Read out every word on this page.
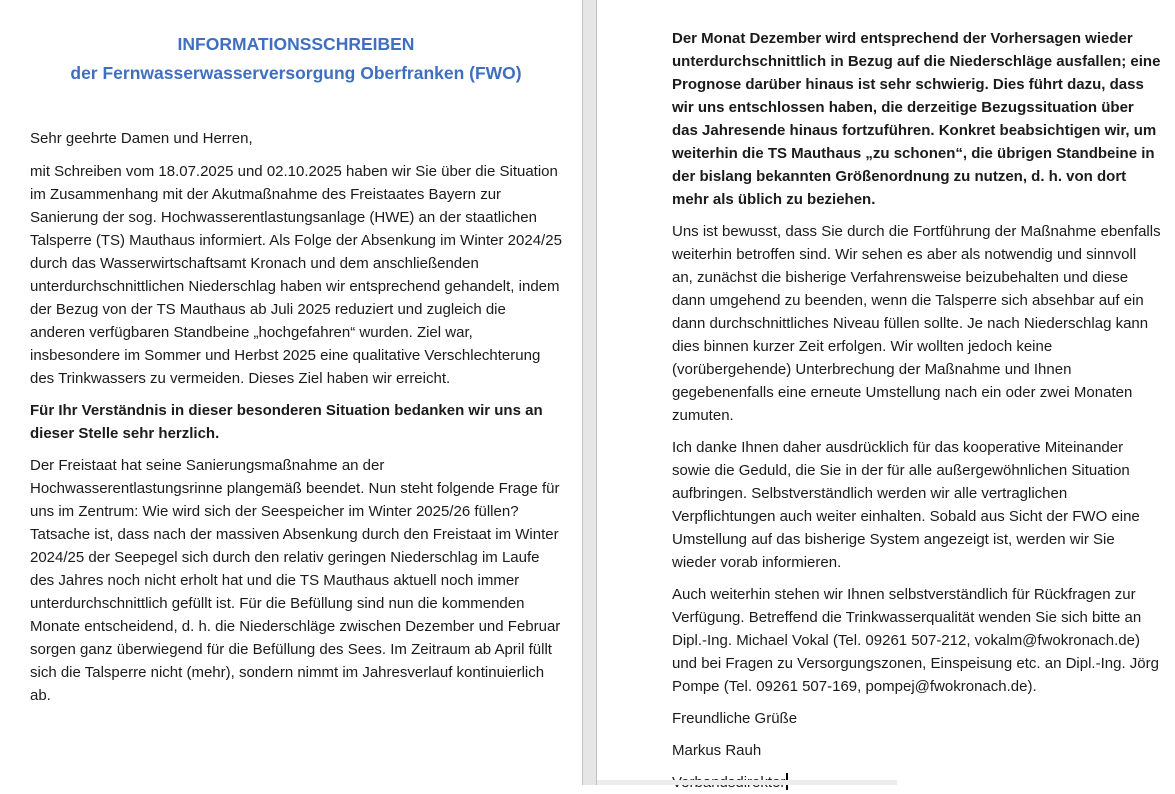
INFORMATIONSSCHREIBEN

der Fernwasserwasserversorgung Oberfranken (FWO)

Sehr geehrte Damen und Herren,

mit Schreiben vom 18.07.2025 und 02.10.2025 haben wir Sie über die Situation im Zusammenhang mit der Akutmaßnahme des Freistaates Bayern zur Sanierung der sog. Hochwasserentlastungsanlage (HWE) an der staatlichen Talsperre (TS) Mauthaus informiert. Als Folge der Absenkung im Winter 2024/25 durch das Wasserwirtschaftsamt Kronach und dem anschließenden unterdurchschnittlichen Niederschlag haben wir entsprechend gehandelt, indem der Bezug von der TS Mauthaus ab Juli 2025 reduziert und zugleich die anderen verfügbaren Standbeine „hochgefahren“ wurden. Ziel war, insbesondere im Sommer und Herbst 2025 eine qualitative Verschlechterung des Trinkwassers zu vermeiden. Dieses Ziel haben wir erreicht.

Für Ihr Verständnis in dieser besonderen Situation bedanken wir uns an dieser Stelle sehr herzlich.

Der Freistaat hat seine Sanierungsmaßnahme an der Hochwasserentlastungsrinne plangemäß beendet. Nun steht folgende Frage für uns im Zentrum: Wie wird sich der Seespeicher im Winter 2025/26 füllen? Tatsache ist, dass nach der massiven Absenkung durch den Freistaat im Winter 2024/25 der Seepegel sich durch den relativ geringen Niederschlag im Laufe des Jahres noch nicht erholt hat und die TS Mauthaus aktuell noch immer unterdurchschnittlich gefüllt ist. Für die Befüllung sind nun die kommenden Monate entscheidend, d. h. die Niederschläge zwischen Dezember und Februar sorgen ganz überwiegend für die Befüllung des Sees. Im Zeitraum ab April füllt sich die Talsperre nicht (mehr), sondern nimmt im Jahresverlauf kontinuierlich ab.

Der Monat Dezember wird entsprechend der Vorhersagen wieder unterdurchschnittlich in Bezug auf die Niederschläge ausfallen; eine Prognose darüber hinaus ist sehr schwierig. Dies führt dazu, dass wir uns entschlossen haben, die derzeitige Bezugssituation über das Jahresende hinaus fortzuführen. Konkret beabsichtigen wir, um weiterhin die TS Mauthaus „zu schonen“, die übrigen Standbeine in der bislang bekannten Größenordnung zu nutzen, d. h. von dort mehr als üblich zu beziehen.

Uns ist bewusst, dass Sie durch die Fortführung der Maßnahme ebenfalls weiterhin betroffen sind. Wir sehen es aber als notwendig und sinnvoll an, zunächst die bisherige Verfahrensweise beizubehalten und diese dann umgehend zu beenden, wenn die Talsperre sich absehbar auf ein dann durchschnittliches Niveau füllen sollte. Je nach Niederschlag kann dies binnen kurzer Zeit erfolgen. Wir wollten jedoch keine (vorübergehende) Unterbrechung der Maßnahme und Ihnen gegebenenfalls eine erneute Umstellung nach ein oder zwei Monaten zumuten.

Ich danke Ihnen daher ausdrücklich für das kooperative Miteinander sowie die Geduld, die Sie in der für alle außergewöhnlichen Situation aufbringen. Selbstverständlich werden wir alle vertraglichen Verpflichtungen auch weiter einhalten. Sobald aus Sicht der FWO eine Umstellung auf das bisherige System angezeigt ist, werden wir Sie wieder vorab informieren.

Auch weiterhin stehen wir Ihnen selbstverständlich für Rückfragen zur Verfügung. Betreffend die Trinkwasserqualität wenden Sie sich bitte an Dipl.-Ing. Michael Vokal (Tel. 09261 507-212, vokalm@fwokronach.de) und bei Fragen zu Versorgungszonen, Einspeisung etc. an Dipl.-Ing. Jörg Pompe (Tel. 09261 507-169, pompej@fwokronach.de).

Freundliche Grüße

Markus Rauh
